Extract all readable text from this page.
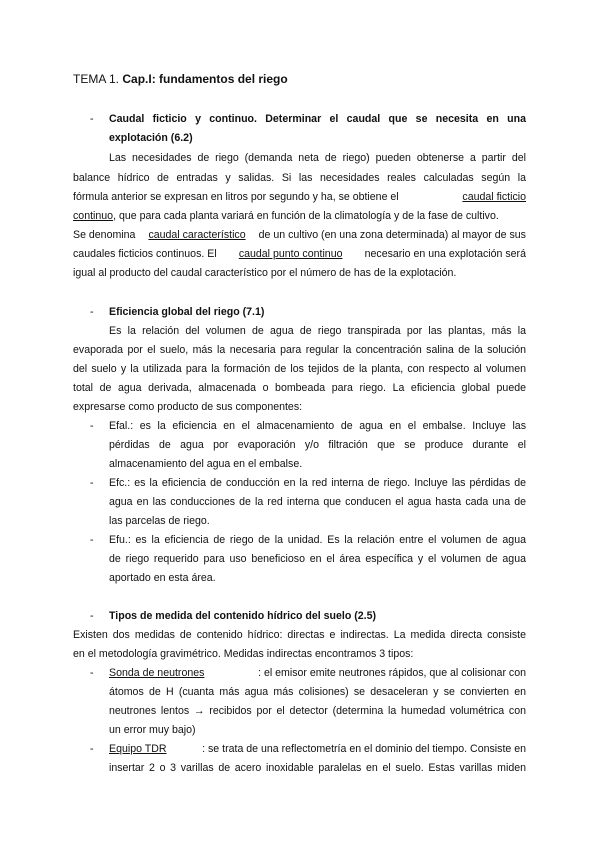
TEMA 1. Cap.I: fundamentos del riego
- Caudal ficticio y continuo. Determinar el caudal que se necesita en una
explotación (6.2)
Las necesidades de riego (demanda neta de riego) pueden obtenerse a partir del
balance hídrico de entradas y salidas. Si las necesidades reales calculadas según la
fórmula anterior se expresan en litros por segundo y ha, se obtiene el	caudal ficticio
continuo, que para cada planta variará en función de la climatología y de la fase de cultivo.
Se denomina caudal característico de un cultivo (en una zona determinada) al mayor de sus
caudales ficticios continuos. El caudal punto continuo necesario en una explotación será
igual al producto del caudal característico por el número de has de la explotación.
- Eficiencia global del riego (7.1)
Es la relación del volumen de agua de riego transpirada por las plantas, más la
evaporada por el suelo, más la necesaria para regular la concentración salina de la solución
del suelo y la utilizada para la formación de los tejidos de la planta, con respecto al volumen
total de agua derivada, almacenada o bombeada para riego. La eficiencia global puede
expresarse como producto de sus componentes:
- Efal.: es la eficiencia en el almacenamiento de agua en el embalse. Incluye las
pérdidas de agua por evaporación y/o filtración que se produce durante el
almacenamiento del agua en el embalse.
- Efc.: es la eficiencia de conducción en la red interna de riego. Incluye las pérdidas de
agua en las conducciones de la red interna que conducen el agua hasta cada una de
las parcelas de riego.
- Efu.: es la eficiencia de riego de la unidad. Es la relación entre el volumen de agua
de riego requerido para uso beneficioso en el área específica y el volumen de agua
aportado en esta área.
- Tipos de medida del contenido hídrico del suelo (2.5)
Existen dos medidas de contenido hídrico: directas e indirectas. La medida directa consiste
en el metodología gravimétrico. Medidas indirectas encontramos 3 tipos:
- Sonda de neutrones	: el emisor emite neutrones rápidos, que al colisionar con
átomos de H (cuanta más agua más colisiones) se desaceleran y se convierten en
neutrones lentos → recibidos por el detector (determina la humedad volumétrica con
un error muy bajo)
- Equipo TDR	: se trata de una reflectometría en el dominio del tiempo. Consiste en
insertar 2 o 3 varillas de acero inoxidable paralelas en el suelo. Estas varillas miden
